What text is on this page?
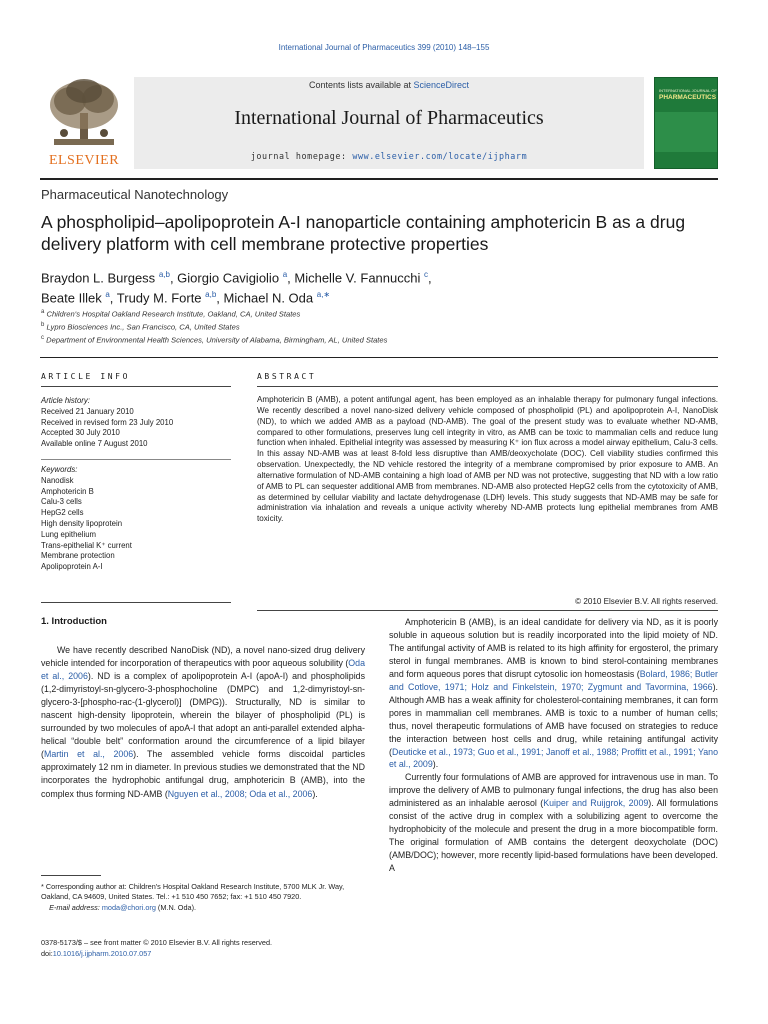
International Journal of Pharmaceutics 399 (2010) 148–155
ELSEVIER
Contents lists available at ScienceDirect
International Journal of Pharmaceutics
journal homepage: www.elsevier.com/locate/ijpharm
INTERNATIONAL JOURNAL OF
PHARMACEUTICS
Pharmaceutical Nanotechnology
A phospholipid–apolipoprotein A-I nanoparticle containing amphotericin B as a drug delivery platform with cell membrane protective properties
Braydon L. Burgess $^{a,b}$, Giorgio Cavigiolio $^a$, Michelle V. Fannucchi $^c$,
Beate Illek $^a$, Trudy M. Forte $^{a,b}$, Michael N. Oda $^{a,∗}$
$^a$ Children's Hospital Oakland Research Institute, Oakland, CA, United States
$^b$ Lypro Biosciences Inc., San Francisco, CA, United States
$^c$ Department of Environmental Health Sciences, University of Alabama, Birmingham, AL, United States
ARTICLE INFO	ABSTRACT
Article history:
Received 21 January 2010
Received in revised form 23 July 2010
Accepted 30 July 2010
Available online 7 August 2010
Keywords:
Nanodisk
Amphotericin B
Calu-3 cells
HepG2 cells
High density lipoprotein
Lung epithelium
Trans-epithelial K⁺ current
Membrane protection
Apolipoprotein A-I
Amphotericin B (AMB), a potent antifungal agent, has been employed as an inhalable therapy for pulmonary fungal infections. We recently described a novel nano-sized delivery vehicle composed of phospholipid (PL) and apolipoprotein A-I, NanoDisk (ND), to which we added AMB as a payload (ND-AMB). The goal of the present study was to evaluate whether ND-AMB, compared to other formulations, preserves lung cell integrity in vitro, as AMB can be toxic to mammalian cells and reduce lung function when inhaled. Epithelial integrity was assessed by measuring K⁺ ion flux across a model airway epithelium, Calu-3 cells. In this assay ND-AMB was at least 8-fold less disruptive than AMB/deoxycholate (DOC). Cell viability studies confirmed this observation. Unexpectedly, the ND vehicle restored the integrity of a membrane compromised by prior exposure to AMB. An alternative formulation of ND-AMB containing a high load of AMB per ND was not protective, suggesting that ND with a low ratio of AMB to PL can sequester additional AMB from membranes. ND-AMB also protected HepG2 cells from the cytotoxicity of AMB, as determined by cellular viability and lactate dehydrogenase (LDH) levels. This study suggests that ND-AMB may be safe for administration via inhalation and reveals a unique activity whereby ND-AMB protects lung epithelial membranes from AMB toxicity.
© 2010 Elsevier B.V. All rights reserved.
1. Introduction

We have recently described NanoDisk (ND), a novel nano-sized drug delivery vehicle intended for incorporation of therapeutics with poor aqueous solubility (Oda et al., 2006). ND is a complex of apolipoprotein A-I (apoA-I) and phospholipids (1,2-dimyristoyl-sn-glycero-3-phosphocholine (DMPC) and 1,2-dimyristoyl-sn-glycero-3-[phospho-rac-(1-glycerol)] (DMPG)). Structurally, ND is similar to nascent high-density lipoprotein, wherein the bilayer of phospholipid (PL) is surrounded by two molecules of apoA-I that adopt an anti-parallel extended alpha-helical “double belt” conformation around the circumference of a lipid bilayer (Martin et al., 2006). The assembled vehicle forms discoidal particles approximately 12 nm in diameter. In previous studies we demonstrated that the ND incorporates the hydrophobic antifungal drug, amphotericin B (AMB), into the complex thus forming ND-AMB (Nguyen et al., 2008; Oda et al., 2006).

Amphotericin B (AMB), is an ideal candidate for delivery via ND, as it is poorly soluble in aqueous solution but is readily incorporated into the lipid moiety of ND. The antifungal activity of AMB is related to its high affinity for ergosterol, the primary sterol in fungal membranes. AMB is known to bind sterol-containing membranes and form aqueous pores that disrupt cytosolic ion homeostasis (Bolard, 1986; Butler and Cotlove, 1971; Holz and Finkelstein, 1970; Zygmunt and Tavormina, 1966). Although AMB has a weak affinity for cholesterol-containing membranes, it can form pores in mammalian cell membranes. AMB is toxic to a number of human cells; thus, novel therapeutic formulations of AMB have focused on strategies to reduce the interaction between host cells and drug, while retaining antifungal activity (Deuticke et al., 1973; Guo et al., 1991; Janoff et al., 1988; Proffitt et al., 1991; Yano et al., 2009).

Currently four formulations of AMB are approved for intravenous use in man. To improve the delivery of AMB to pulmonary fungal infections, the drug has also been administered as an inhalable aerosol (Kuiper and Ruijgrok, 2009). All formulations consist of the active drug in complex with a solubilizing agent to overcome the hydrophobicity of the molecule and present the drug in a more biocompatible form. The original formulation of AMB contains the detergent deoxycholate (DOC) (AMB/DOC); however, more recently lipid-based formulations have been developed. A

* Corresponding author at: Children's Hospital Oakland Research Institute, 5700 MLK Jr. Way, Oakland, CA 94609, United States. Tel.: +1 510 450 7652; fax: +1 510 450 7920.
E-mail address: moda@chori.org (M.N. Oda).
0378-5173/$ – see front matter © 2010 Elsevier B.V. All rights reserved.
doi:10.1016/j.ijpharm.2010.07.057
